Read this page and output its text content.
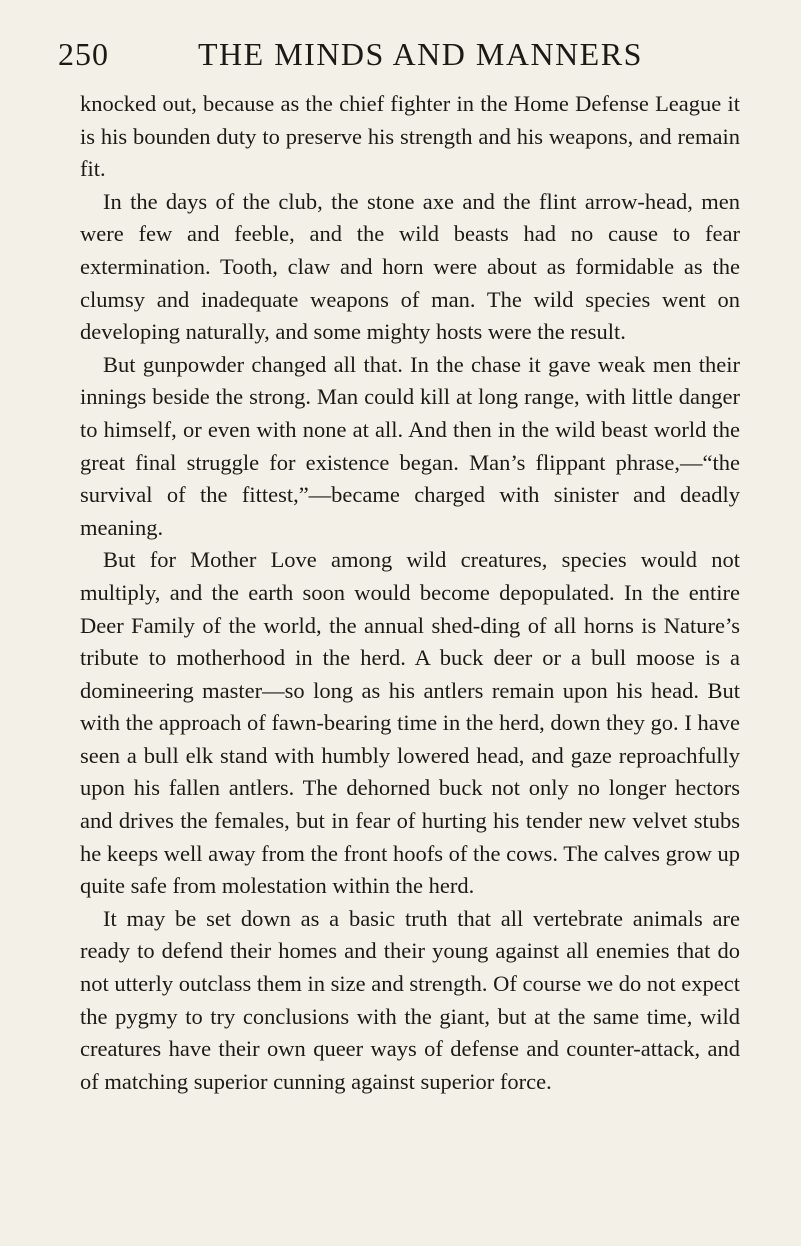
250	THE MINDS AND MANNERS

knocked out, because as the chief fighter in the Home Defense League it is his bounden duty to preserve his strength and his weapons, and remain fit.

In the days of the club, the stone axe and the flint arrow-head, men were few and feeble, and the wild beasts had no cause to fear extermination. Tooth, claw and horn were about as formidable as the clumsy and inadequate weapons of man. The wild species went on developing naturally, and some mighty hosts were the result.

But gunpowder changed all that. In the chase it gave weak men their innings beside the strong. Man could kill at long range, with little danger to himself, or even with none at all. And then in the wild beast world the great final struggle for existence began. Man’s flippant phrase,—“the survival of the fittest,”—became charged with sinister and deadly meaning.

But for Mother Love among wild creatures, species would not multiply, and the earth soon would become depopulated. In the entire Deer Family of the world, the annual shed-ding of all horns is Nature’s tribute to motherhood in the herd. A buck deer or a bull moose is a domineering master—so long as his antlers remain upon his head. But with the approach of fawn-bearing time in the herd, down they go. I have seen a bull elk stand with humbly lowered head, and gaze reproachfully upon his fallen antlers. The dehorned buck not only no longer hectors and drives the females, but in fear of hurting his tender new velvet stubs he keeps well away from the front hoofs of the cows. The calves grow up quite safe from molestation within the herd.

It may be set down as a basic truth that all vertebrate animals are ready to defend their homes and their young against all enemies that do not utterly outclass them in size and strength. Of course we do not expect the pygmy to try conclusions with the giant, but at the same time, wild creatures have their own queer ways of defense and counter-attack, and of matching superior cunning against superior force.
